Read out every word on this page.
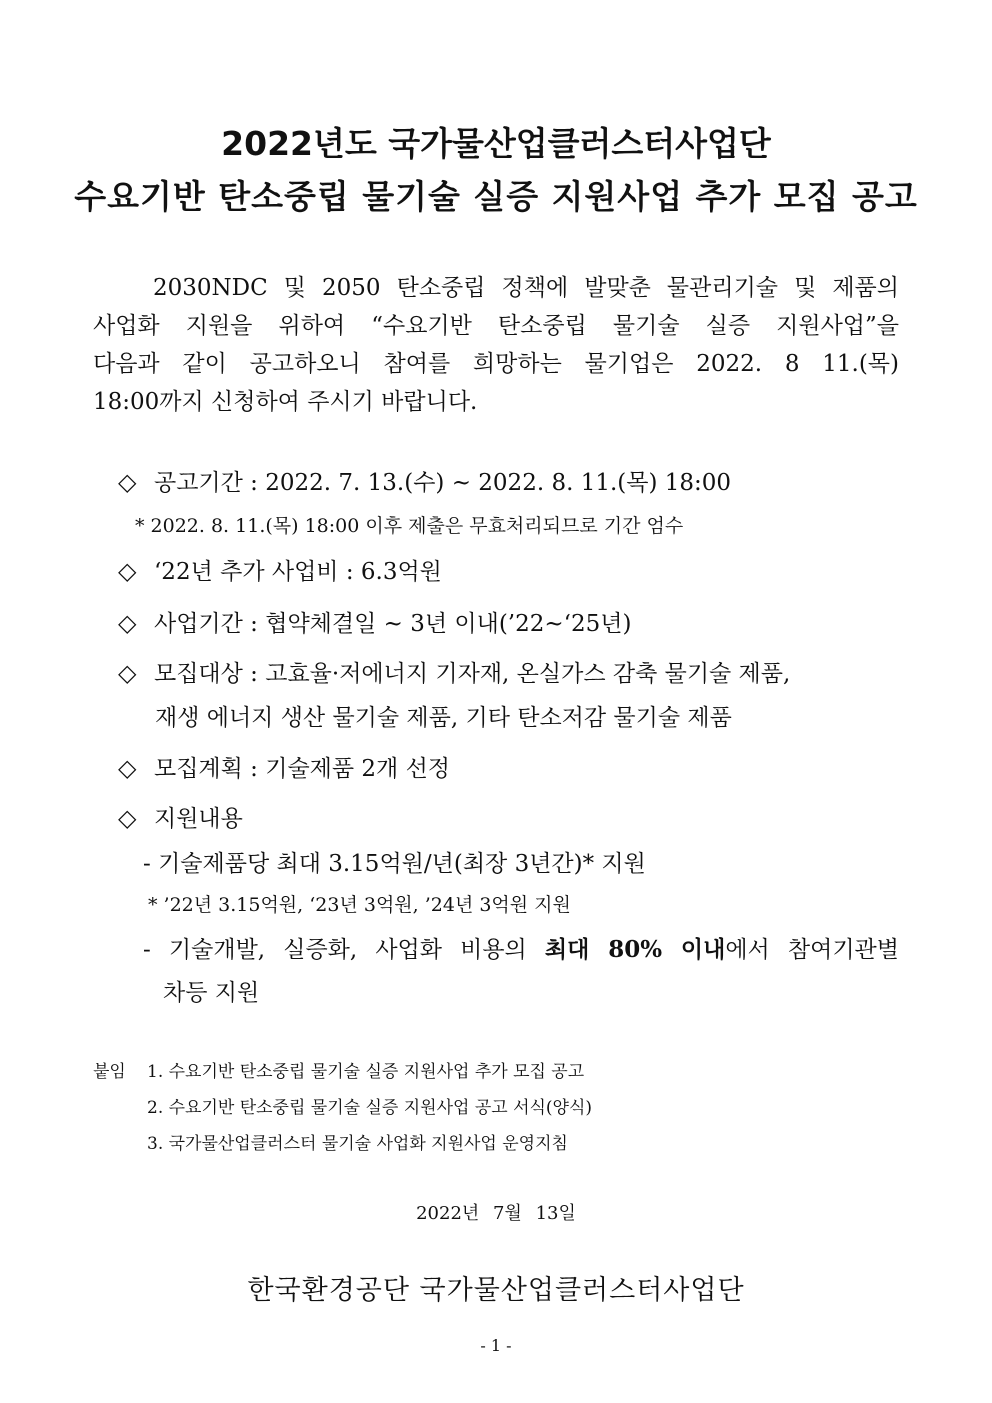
2022년도 국가물산업클러스터사업단
수요기반 탄소중립 물기술 실증 지원사업 추가 모집 공고
2030NDC 및 2050 탄소중립 정책에 발맞춘 물관리기술 및 제품의
사업화 지원을 위하여 “수요기반 탄소중립 물기술 실증 지원사업”을
다음과 같이 공고하오니 참여를 희망하는 물기업은 2022. 8 11.(목)
18:00까지 신청하여 주시기 바랍니다.
◇ 공고기간 : 2022. 7. 13.(수) ~ 2022. 8. 11.(목) 18:00
* 2022. 8. 11.(목) 18:00 이후 제출은 무효처리되므로 기간 엄수
◇ ‘22년 추가 사업비 : 6.3억원
◇ 사업기간 : 협약체결일 ~ 3년 이내(’22~‘25년)
◇ 모집대상 : 고효율·저에너지 기자재, 온실가스 감축 물기술 제품,
재생 에너지 생산 물기술 제품, 기타 탄소저감 물기술 제품
◇ 모집계획 : 기술제품 2개 선정
◇ 지원내용
- 기술제품당 최대 3.15억원/년(최장 3년간)* 지원
* ’22년 3.15억원, ‘23년 3억원, ’24년 3억원 지원
- 기술개발, 실증화, 사업화 비용의 최대 80% 이내에서 참여기관별
차등 지원
붙임 1. 수요기반 탄소중립 물기술 실증 지원사업 추가 모집 공고
2. 수요기반 탄소중립 물기술 실증 지원사업 공고 서식(양식)
3. 국가물산업클러스터 물기술 사업화 지원사업 운영지침
2022년 7월 13일
한국환경공단 국가물산업클러스터사업단
- 1 -
